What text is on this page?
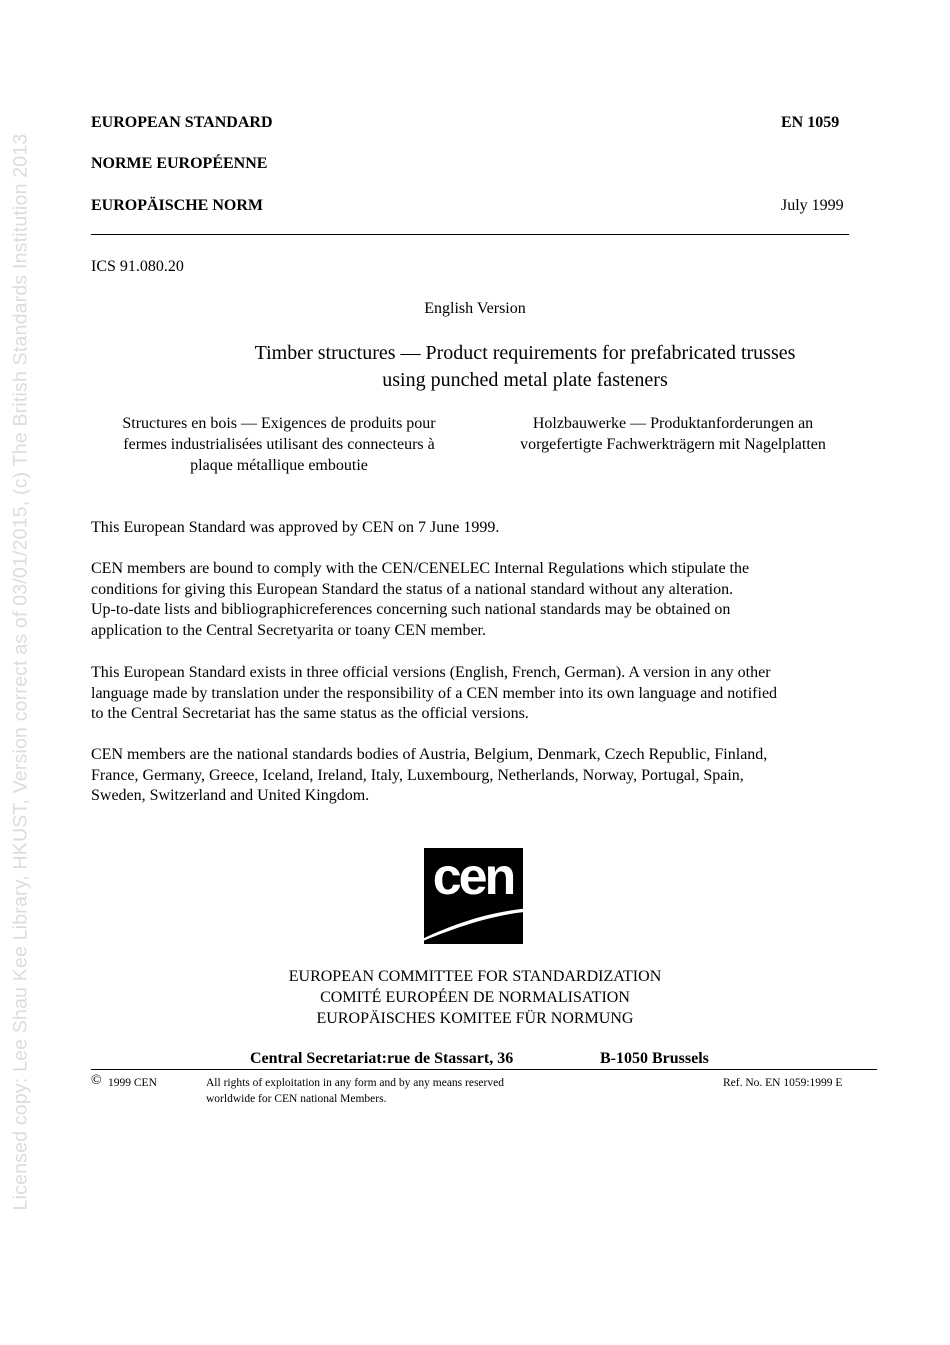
Licensed copy: Lee Shau Kee Library, HKUST, Version correct as of 03/01/2015, (c) The British Standards Institution 2013
EUROPEAN STANDARD	EN 1059
NORME EUROPÉENNE
EUROPÄISCHE NORM	July 1999
ICS 91.080.20
English Version
Timber structures — Product requirements for prefabricated trusses
using punched metal plate fasteners
Structures en bois — Exigences de produits pour
fermes industrialisées utilisant des connecteurs à
plaque métallique emboutie
Holzbauwerke — Produktanforderungen an
vorgefertigte Fachwerkträgern mit Nagelplatten
This European Standard was approved by CEN on 7 June 1999.
CEN members are bound to comply with the CEN/CENELEC Internal Regulations which stipulate the
conditions for giving this European Standard the status of a national standard without any alteration.
Up-to-date lists and bibliographicreferences concerning such national standards may be obtained on
application to the Central Secretyarita or toany CEN member.
This European Standard exists in three official versions (English, French, German). A version in any other
language made by translation under the responsibility of a CEN member into its own language and notified
to the Central Secretariat has the same status as the official versions.
CEN members are the national standards bodies of Austria, Belgium, Denmark, Czech Republic, Finland,
France, Germany, Greece, Iceland, Ireland, Italy, Luxembourg, Netherlands, Norway, Portugal, Spain,
Sweden, Switzerland and United Kingdom.
cen
EUROPEAN COMMITTEE FOR STANDARDIZATION
COMITÉ EUROPÉEN DE NORMALISATION
EUROPÄISCHES KOMITEE FÜR NORMUNG
Central Secretariat:rue de Stassart, 36	B-1050 Brussels
© 1999 CEN	All rights of exploitation in any form and by any means reserved
worldwide for CEN national Members.
Ref. No. EN 1059:1999 E
